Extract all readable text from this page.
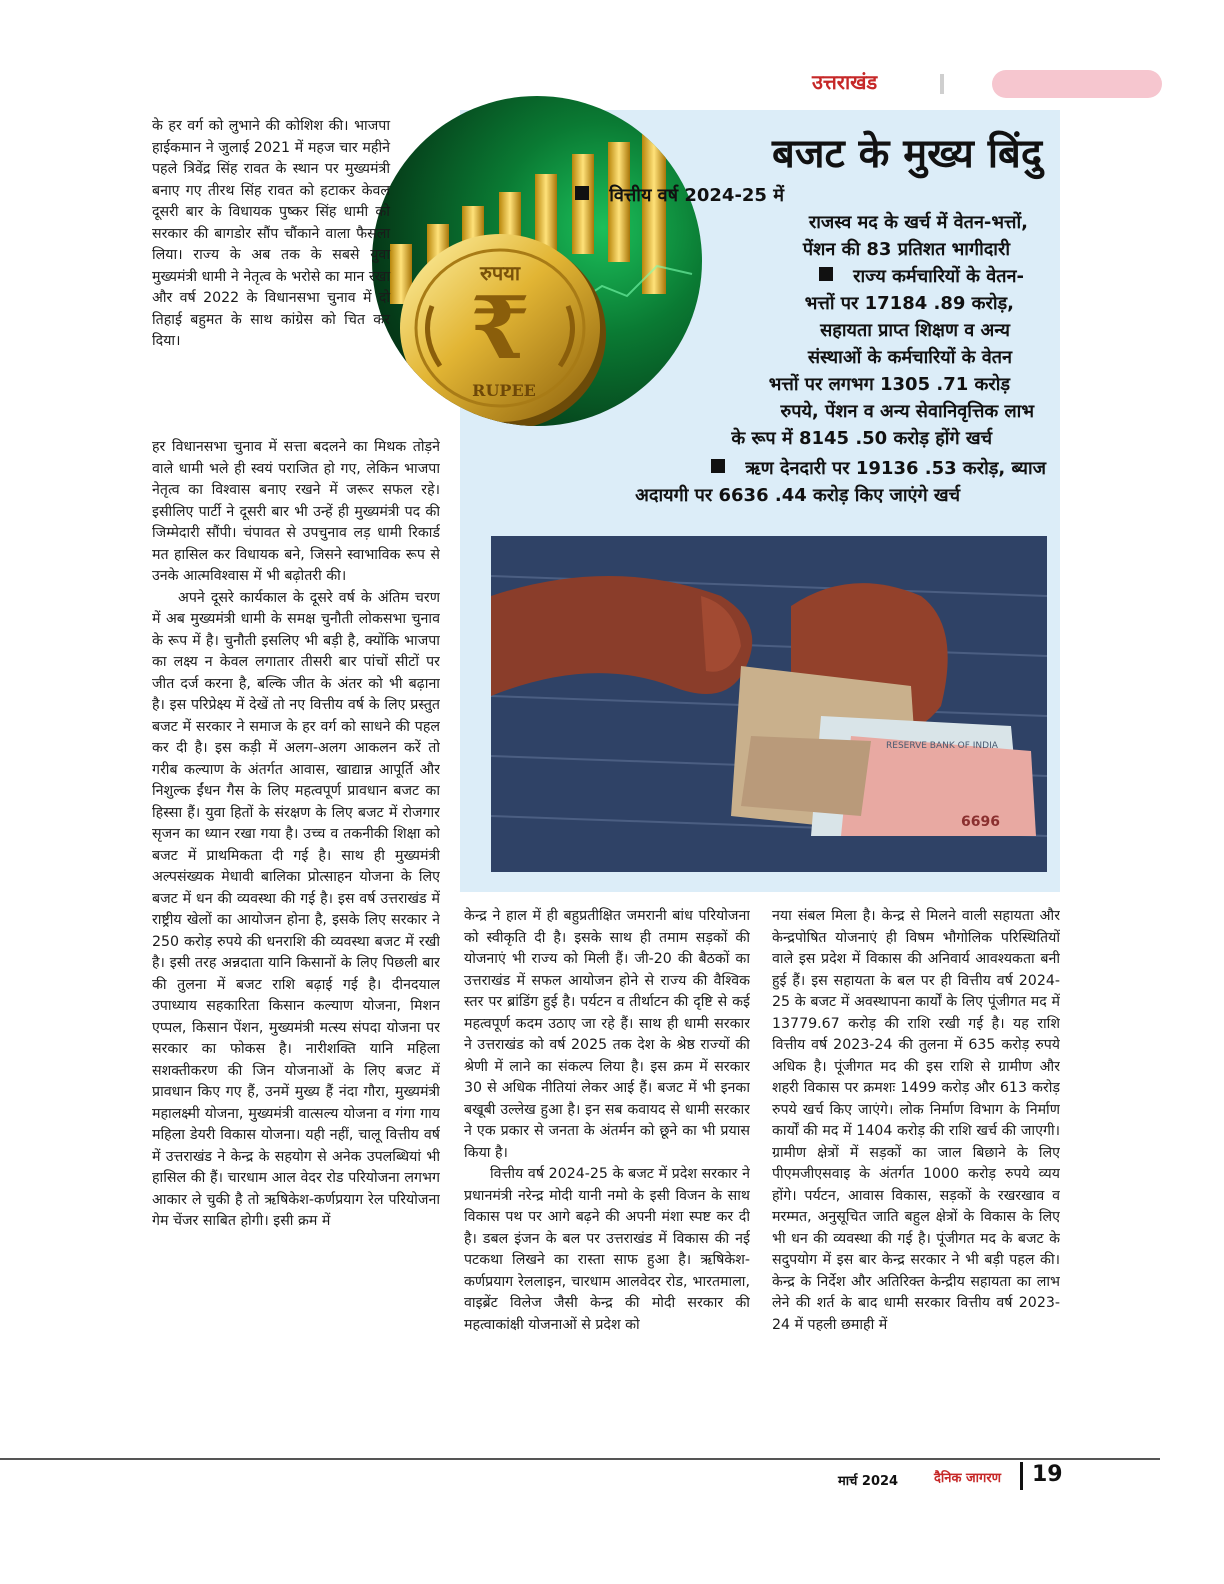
उत्तराखंड
रुपया
₹
RUPEE
बजट के मुख्य बिंदु
वित्तीय वर्ष 2024-25 में
राजस्व मद के खर्च में वेतन-भत्तों,
पेंशन की 83 प्रतिशत भागीदारी
राज्य कर्मचारियों के वेतन-
भत्तों पर 17184 .89 करोड़,
सहायता प्राप्त शिक्षण व अन्य
संस्थाओं के कर्मचारियों के वेतन
भत्तों पर लगभग 1305 .71 करोड़
रुपये, पेंशन व अन्य सेवानिवृत्तिक लाभ
के रूप में 8145 .50 करोड़ होंगे खर्च
ऋण देनदारी पर 19136 .53 करोड़, ब्याज
अदायगी पर 6636 .44 करोड़ किए जाएंगे खर्च
RESERVE BANK OF INDIA
6696

के हर वर्ग को लुभाने की कोशिश की। भाजपा हाईकमान ने जुलाई 2021 में महज चार महीने पहले त्रिवेंद्र सिंह रावत के स्थान पर मुख्यमंत्री बनाए गए तीरथ सिंह रावत को हटाकर केवल दूसरी बार के विधायक पुष्कर सिंह धामी को सरकार की बागडोर सौंप चौंकाने वाला फैसला लिया। राज्य के अब तक के सबसे युवा मुख्यमंत्री धामी ने नेतृत्व के भरोसे का मान रखा और वर्ष 2022 के विधानसभा चुनाव में दो तिहाई बहुमत के साथ कांग्रेस को चित कर दिया।

हर विधानसभा चुनाव में सत्ता बदलने का मिथक तोड़ने वाले धामी भले ही स्वयं पराजित हो गए, लेकिन भाजपा नेतृत्व का विश्वास बनाए रखने में जरूर सफल रहे। इसीलिए पार्टी ने दूसरी बार भी उन्हें ही मुख्यमंत्री पद की जिम्मेदारी सौंपी। चंपावत से उपचुनाव लड़ धामी रिकार्ड मत हासिल कर विधायक बने, जिसने स्वाभाविक रूप से उनके आत्मविश्वास में भी बढ़ोतरी की।

अपने दूसरे कार्यकाल के दूसरे वर्ष के अंतिम चरण में अब मुख्यमंत्री धामी के समक्ष चुनौती लोकसभा चुनाव के रूप में है। चुनौती इसलिए भी बड़ी है, क्योंकि भाजपा का लक्ष्य न केवल लगातार तीसरी बार पांचों सीटों पर जीत दर्ज करना है, बल्कि जीत के अंतर को भी बढ़ाना है। इस परिप्रेक्ष्य में देखें तो नए वित्तीय वर्ष के लिए प्रस्तुत बजट में सरकार ने समाज के हर वर्ग को साधने की पहल कर दी है। इस कड़ी में अलग-अलग आकलन करें तो गरीब कल्याण के अंतर्गत आवास, खाद्यान्न आपूर्ति और निशुल्क ईंधन गैस के लिए महत्वपूर्ण प्रावधान बजट का हिस्सा हैं। युवा हितों के संरक्षण के लिए बजट में रोजगार सृजन का ध्यान रखा गया है। उच्च व तकनीकी शिक्षा को बजट में प्राथमिकता दी गई है। साथ ही मुख्यमंत्री अल्पसंख्यक मेधावी बालिका प्रोत्साहन योजना के लिए बजट में धन की व्यवस्था की गई है। इस वर्ष उत्तराखंड में राष्ट्रीय खेलों का आयोजन होना है, इसके लिए सरकार ने 250 करोड़ रुपये की धनराशि की व्यवस्था बजट में रखी है। इसी तरह अन्नदाता यानि किसानों के लिए पिछली बार की तुलना में बजट राशि बढ़ाई गई है। दीनदयाल उपाध्याय सहकारिता किसान कल्याण योजना, मिशन एप्पल, किसान पेंशन, मुख्यमंत्री मत्स्य संपदा योजना पर सरकार का फोकस है। नारीशक्ति यानि महिला सशक्तीकरण की जिन योजनाओं के लिए बजट में प्रावधान किए गए हैं, उनमें मुख्य हैं नंदा गौरा, मुख्यमंत्री महालक्ष्मी योजना, मुख्यमंत्री वात्सल्य योजना व गंगा गाय महिला डेयरी विकास योजना। यही नहीं, चालू वित्तीय वर्ष में उत्तराखंड ने केन्द्र के सहयोग से अनेक उपलब्धियां भी हासिल की हैं। चारधाम आल वेदर रोड परियोजना लगभग आकार ले चुकी है तो ऋषिकेश-कर्णप्रयाग रेल परियोजना गेम चेंजर साबित होगी। इसी क्रम में

केन्द्र ने हाल में ही बहुप्रतीक्षित जमरानी बांध परियोजना को स्वीकृति दी है। इसके साथ ही तमाम सड़कों की योजनाएं भी राज्य को मिली हैं। जी-20 की बैठकों का उत्तराखंड में सफल आयोजन होने से राज्य की वैश्विक स्तर पर ब्रांडिंग हुई है। पर्यटन व तीर्थाटन की दृष्टि से कई महत्वपूर्ण कदम उठाए जा रहे हैं। साथ ही धामी सरकार ने उत्तराखंड को वर्ष 2025 तक देश के श्रेष्ठ राज्यों की श्रेणी में लाने का संकल्प लिया है। इस क्रम में सरकार 30 से अधिक नीतियां लेकर आई हैं। बजट में भी इनका बखूबी उल्लेख हुआ है। इन सब कवायद से धामी सरकार ने एक प्रकार से जनता के अंतर्मन को छूने का भी प्रयास किया है।

वित्तीय वर्ष 2024-25 के बजट में प्रदेश सरकार ने प्रधानमंत्री नरेन्द्र मोदी यानी नमो के इसी विजन के साथ विकास पथ पर आगे बढ़ने की अपनी मंशा स्पष्ट कर दी है। डबल इंजन के बल पर उत्तराखंड में विकास की नई पटकथा लिखने का रास्ता साफ हुआ है। ऋषिकेश-कर्णप्रयाग रेललाइन, चारधाम आलवेदर रोड, भारतमाला, वाइब्रेंट विलेज जैसी केन्द्र की मोदी सरकार की महत्वाकांक्षी योजनाओं से प्रदेश को

नया संबल मिला है। केन्द्र से मिलने वाली सहायता और केन्द्रपोषित योजनाएं ही विषम भौगोलिक परिस्थितियों वाले इस प्रदेश में विकास की अनिवार्य आवश्यकता बनी हुई हैं। इस सहायता के बल पर ही वित्तीय वर्ष 2024-25 के बजट में अवस्थापना कार्यों के लिए पूंजीगत मद में 13779.67 करोड़ की राशि रखी गई है। यह राशि वित्तीय वर्ष 2023-24 की तुलना में 635 करोड़ रुपये अधिक है। पूंजीगत मद की इस राशि से ग्रामीण और शहरी विकास पर क्रमशः 1499 करोड़ और 613 करोड़ रुपये खर्च किए जाएंगे। लोक निर्माण विभाग के निर्माण कार्यों की मद में 1404 करोड़ की राशि खर्च की जाएगी। ग्रामीण क्षेत्रों में सड़कों का जाल बिछाने के लिए पीएमजीएसवाइ के अंतर्गत 1000 करोड़ रुपये व्यय होंगे। पर्यटन, आवास विकास, सड़कों के रखरखाव व मरम्मत, अनुसूचित जाति बहुल क्षेत्रों के विकास के लिए भी धन की व्यवस्था की गई है। पूंजीगत मद के बजट के सदुपयोग में इस बार केन्द्र सरकार ने भी बड़ी पहल की। केन्द्र के निर्देश और अतिरिक्त केन्द्रीय सहायता का लाभ लेने की शर्त के बाद धामी सरकार वित्तीय वर्ष 2023-24 में पहली छमाही में

मार्च 2024	दैनिक जागरण 19
